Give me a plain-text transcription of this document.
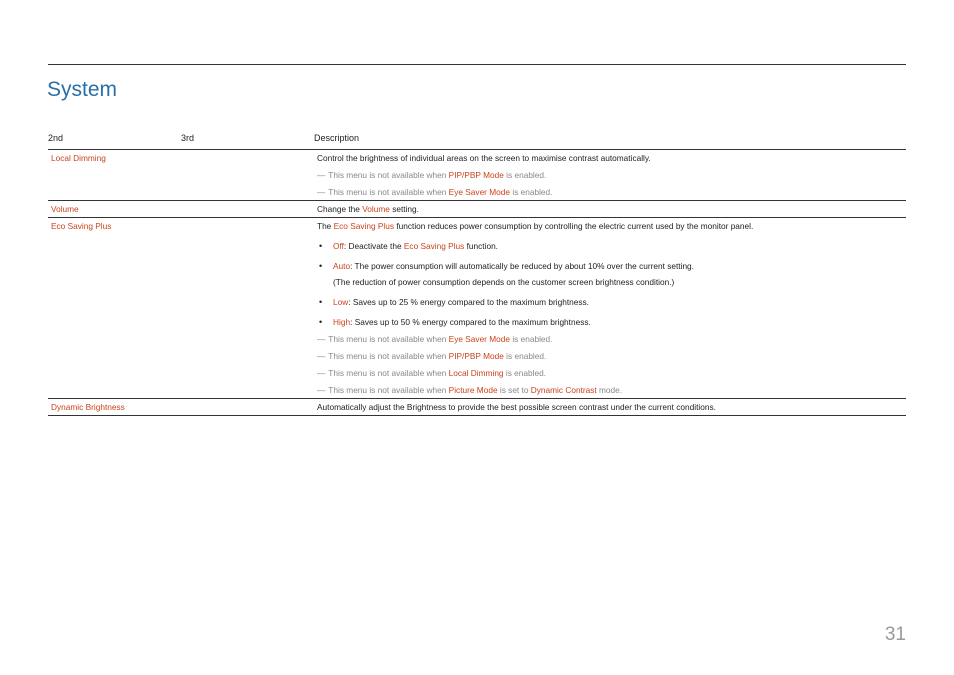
System
2nd	3rd	Description
Local Dimming	Control the brightness of individual areas on the screen to maximise contrast automatically.
― This menu is not available when PIP/PBP Mode is enabled.
― This menu is not available when Eye Saver Mode is enabled.
Volume	Change the Volume setting.
Eco Saving Plus	The Eco Saving Plus function reduces power consumption by controlling the electric current used by the monitor panel.
• Off: Deactivate the Eco Saving Plus function.
• Auto: The power consumption will automatically be reduced by about 10% over the current setting.
(The reduction of power consumption depends on the customer screen brightness condition.)
• Low: Saves up to 25 % energy compared to the maximum brightness.
• High: Saves up to 50 % energy compared to the maximum brightness.
― This menu is not available when Eye Saver Mode is enabled.
― This menu is not available when PIP/PBP Mode is enabled.
― This menu is not available when Local Dimming is enabled.
― This menu is not available when Picture Mode is set to Dynamic Contrast mode.
Dynamic Brightness	Automatically adjust the Brightness to provide the best possible screen contrast under the current conditions.
31
